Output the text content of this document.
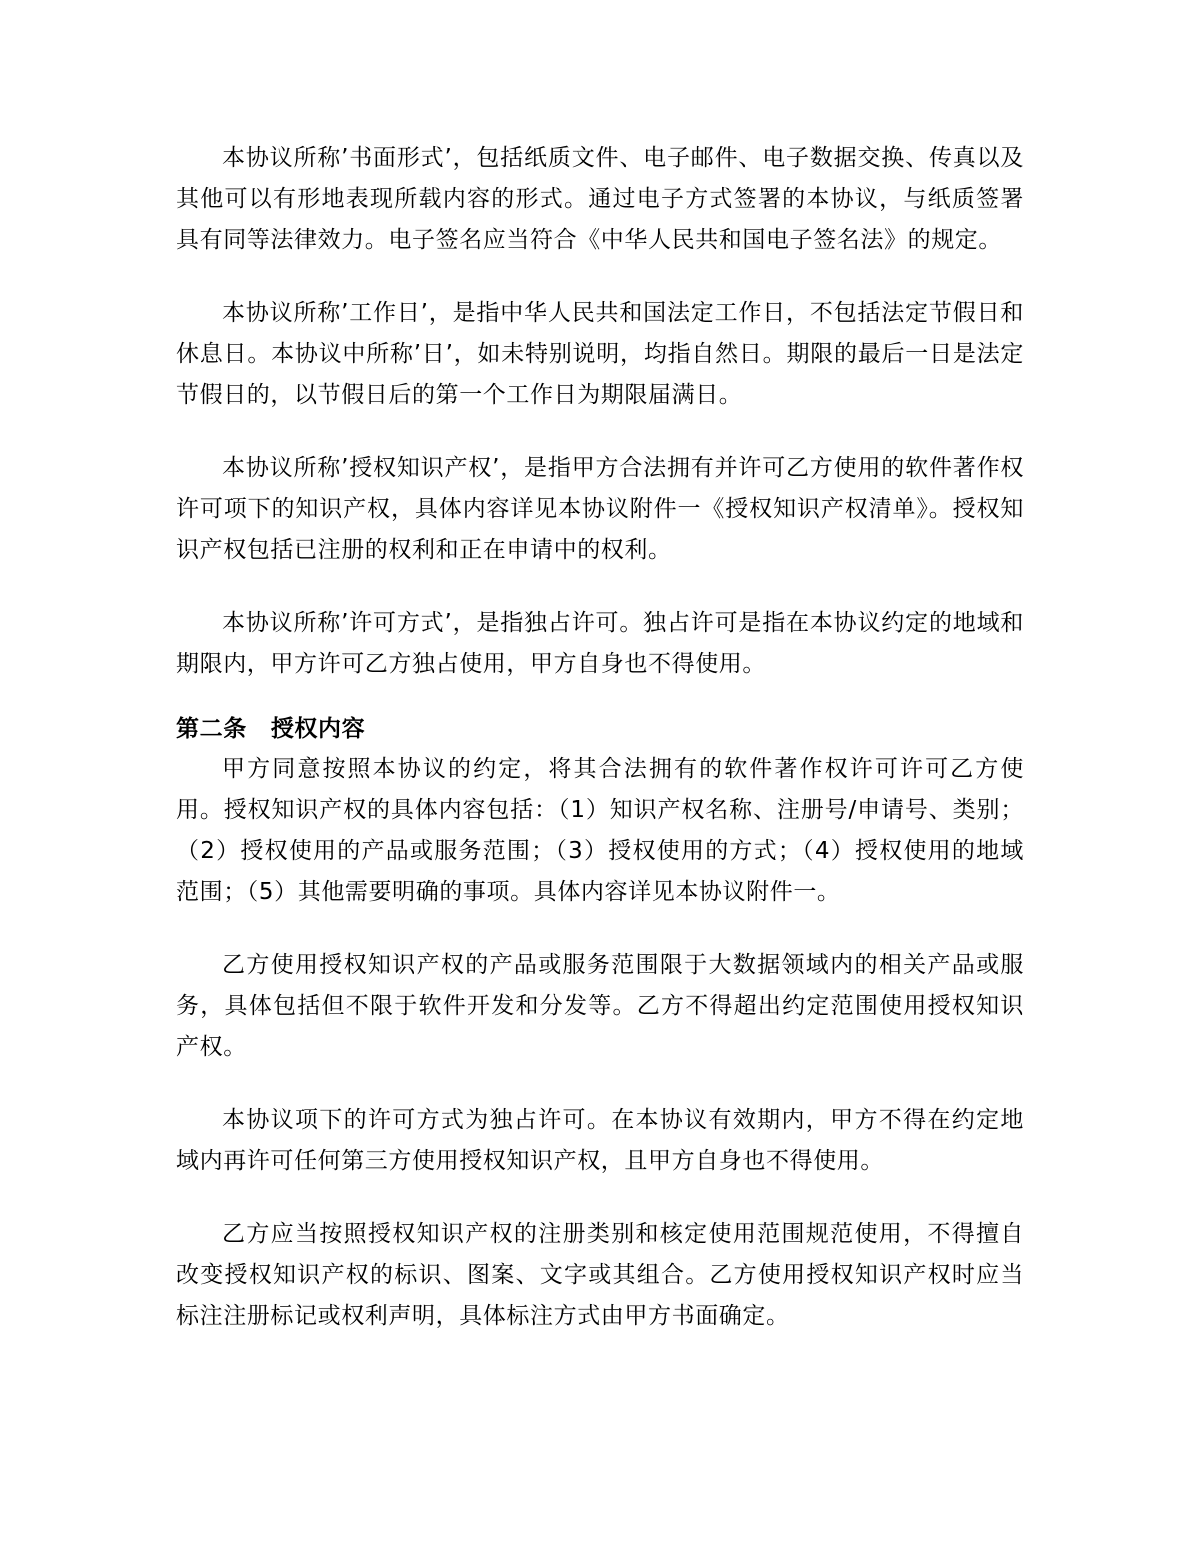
本协议所称’书面形式’，包括纸质文件、电子邮件、电子数据交换、传真以及其他可以有形地表现所载内容的形式。通过电子方式签署的本协议，与纸质签署具有同等法律效力。电子签名应当符合《中华人民共和国电子签名法》的规定。

本协议所称’工作日’，是指中华人民共和国法定工作日，不包括法定节假日和休息日。本协议中所称’日’，如未特别说明，均指自然日。期限的最后一日是法定节假日的，以节假日后的第一个工作日为期限届满日。

本协议所称’授权知识产权’，是指甲方合法拥有并许可乙方使用的软件著作权许可项下的知识产权，具体内容详见本协议附件一《授权知识产权清单》。授权知识产权包括已注册的权利和正在申请中的权利。

本协议所称’许可方式’，是指独占许可。独占许可是指在本协议约定的地域和期限内，甲方许可乙方独占使用，甲方自身也不得使用。

第二条 授权内容

甲方同意按照本协议的约定，将其合法拥有的软件著作权许可许可乙方使用。授权知识产权的具体内容包括：（1）知识产权名称、注册号/申请号、类别；（2）授权使用的产品或服务范围；（3）授权使用的方式；（4）授权使用的地域范围；（5）其他需要明确的事项。具体内容详见本协议附件一。

乙方使用授权知识产权的产品或服务范围限于大数据领域内的相关产品或服务，具体包括但不限于软件开发和分发等。乙方不得超出约定范围使用授权知识产权。

本协议项下的许可方式为独占许可。在本协议有效期内，甲方不得在约定地域内再许可任何第三方使用授权知识产权，且甲方自身也不得使用。

乙方应当按照授权知识产权的注册类别和核定使用范围规范使用，不得擅自改变授权知识产权的标识、图案、文字或其组合。乙方使用授权知识产权时应当标注注册标记或权利声明，具体标注方式由甲方书面确定。
